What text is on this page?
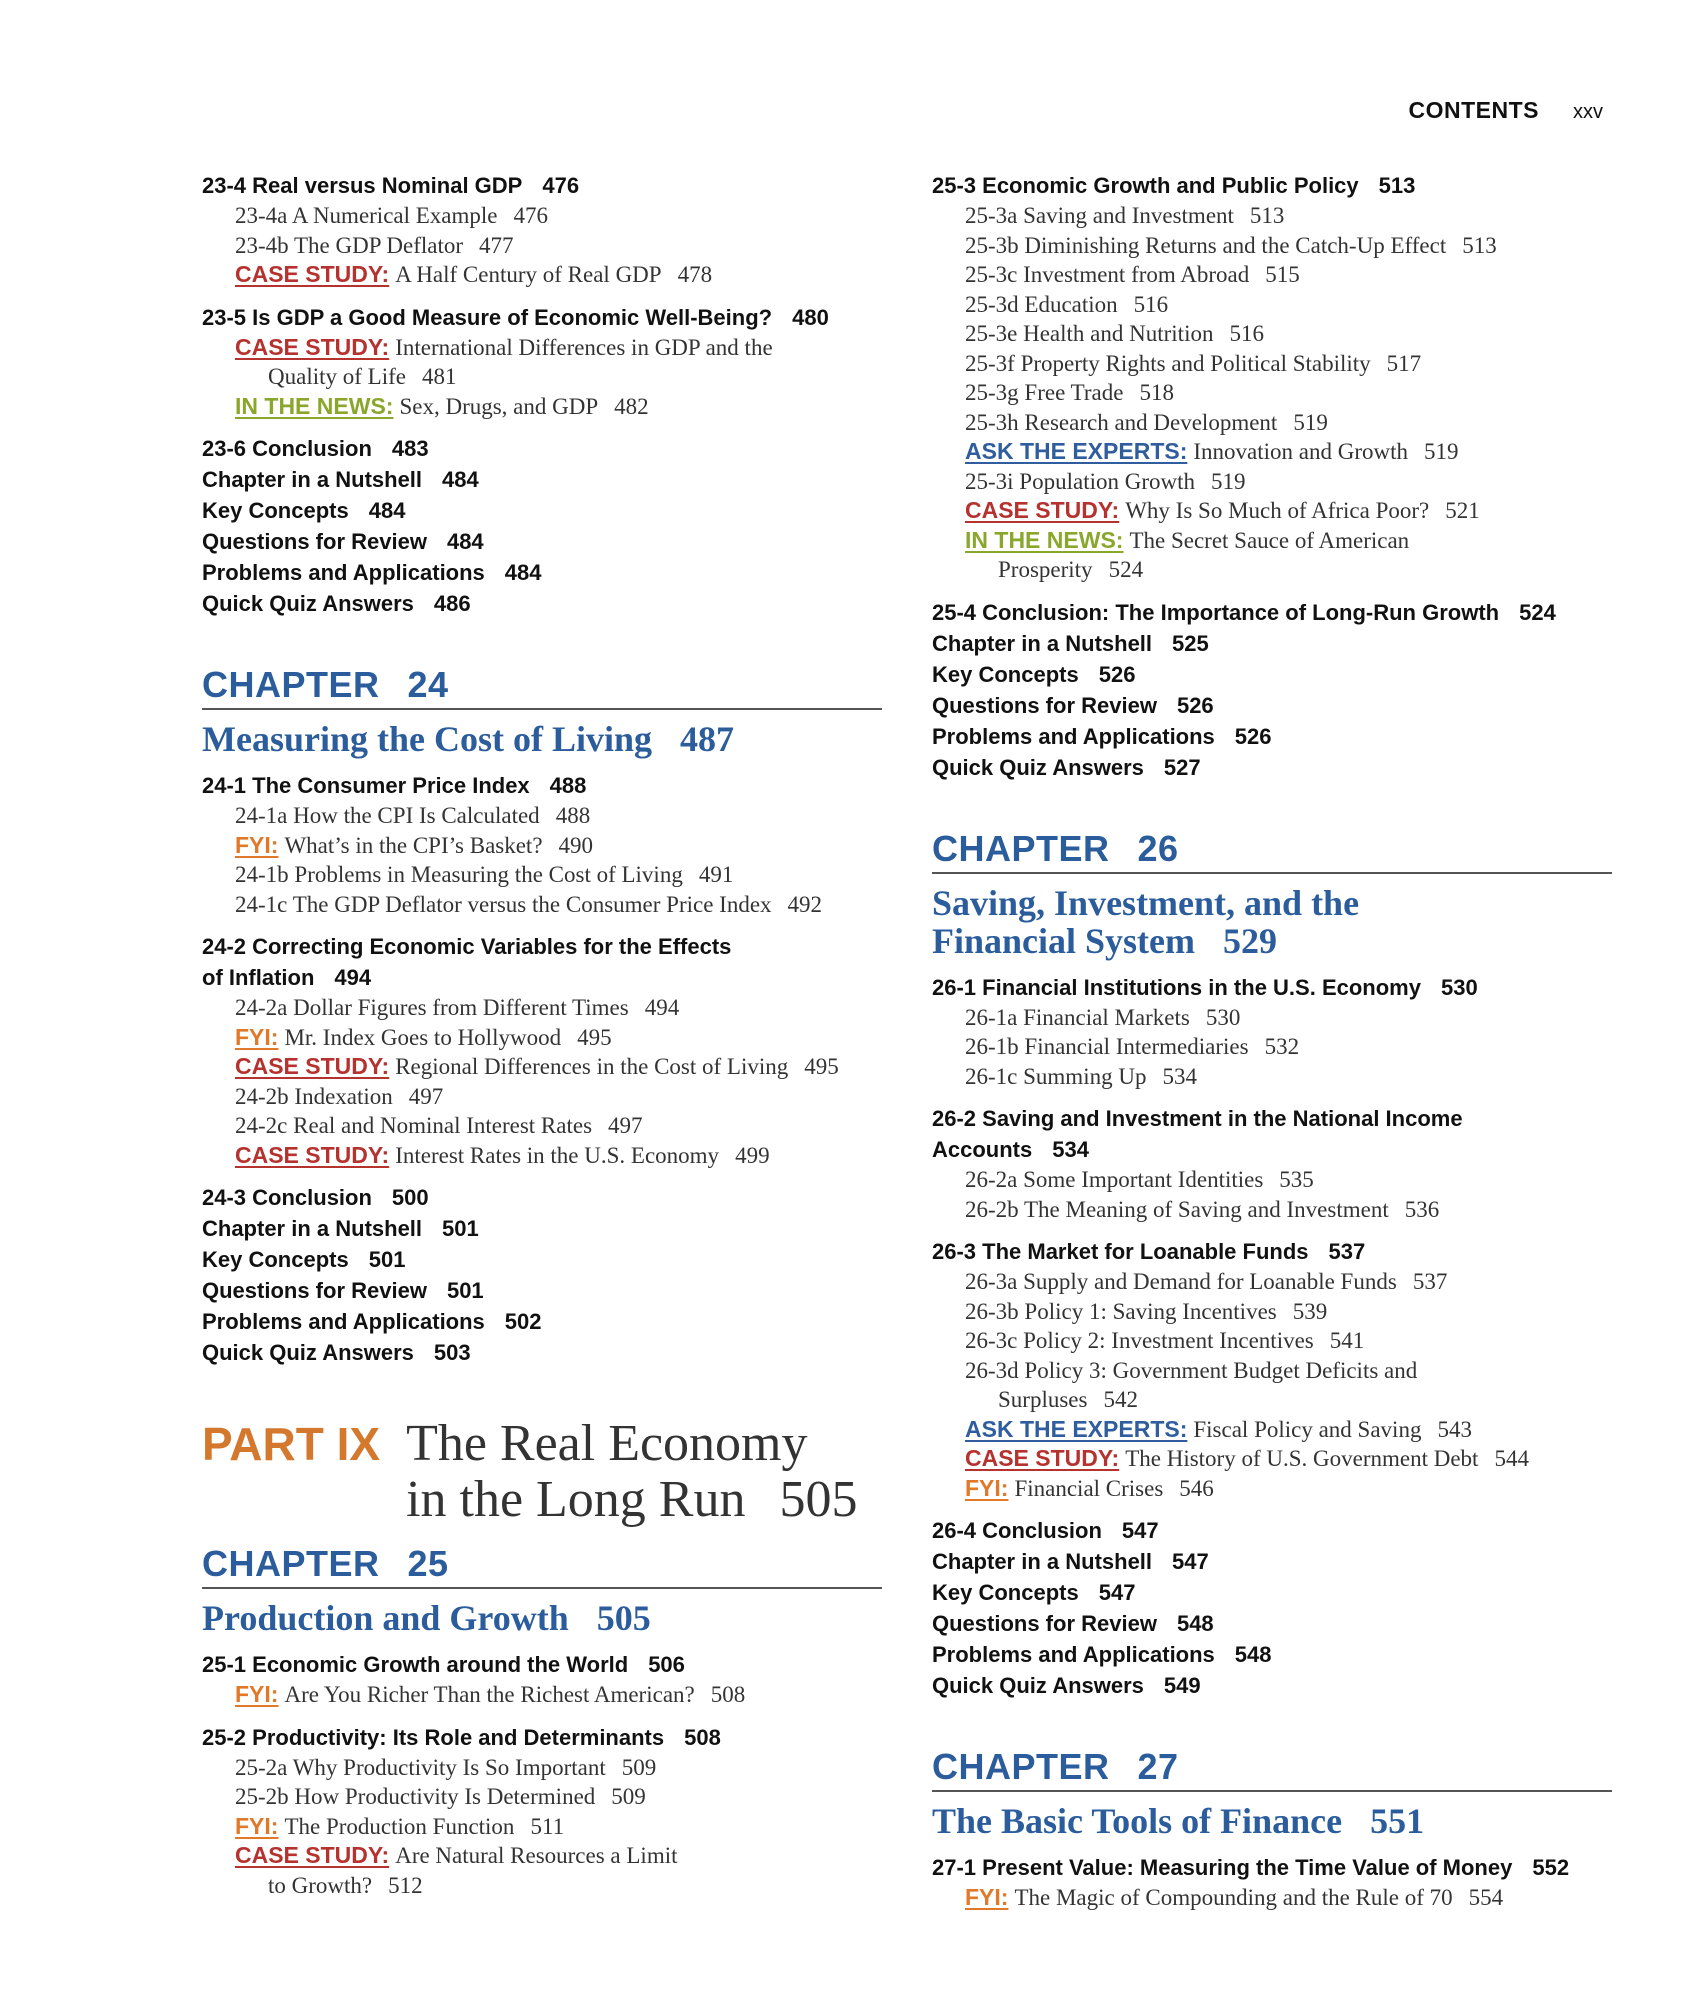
CONTENTS xxv
23-4 Real versus Nominal GDP 476
23-4a A Numerical Example 476
23-4b The GDP Deflator 477
CASE STUDY: A Half Century of Real GDP 478
23-5 Is GDP a Good Measure of Economic Well-Being? 480
CASE STUDY: International Differences in GDP and the
Quality of Life 481
IN THE NEWS: Sex, Drugs, and GDP 482
23-6 Conclusion 483
Chapter in a Nutshell 484
Key Concepts 484
Questions for Review 484
Problems and Applications 484
Quick Quiz Answers 486
CHAPTER 24
Measuring the Cost of Living 487
24-1 The Consumer Price Index 488
24-1a How the CPI Is Calculated 488
FYI: What’s in the CPI’s Basket? 490
24-1b Problems in Measuring the Cost of Living 491
24-1c The GDP Deflator versus the Consumer Price Index 492
24-2 Correcting Economic Variables for the Effects
of Inflation 494
24-2a Dollar Figures from Different Times 494
FYI: Mr. Index Goes to Hollywood 495
CASE STUDY: Regional Differences in the Cost of Living 495
24-2b Indexation 497
24-2c Real and Nominal Interest Rates 497
CASE STUDY: Interest Rates in the U.S. Economy 499
24-3 Conclusion 500
Chapter in a Nutshell 501
Key Concepts 501
Questions for Review 501
Problems and Applications 502
Quick Quiz Answers 503
PART IX The Real Economy
in the Long Run 505
CHAPTER 25
Production and Growth 505
25-1 Economic Growth around the World 506
FYI: Are You Richer Than the Richest American? 508
25-2 Productivity: Its Role and Determinants 508
25-2a Why Productivity Is So Important 509
25-2b How Productivity Is Determined 509
FYI: The Production Function 511
CASE STUDY: Are Natural Resources a Limit
to Growth? 512
25-3 Economic Growth and Public Policy 513
25-3a Saving and Investment 513
25-3b Diminishing Returns and the Catch-Up Effect 513
25-3c Investment from Abroad 515
25-3d Education 516
25-3e Health and Nutrition 516
25-3f Property Rights and Political Stability 517
25-3g Free Trade 518
25-3h Research and Development 519
ASK THE EXPERTS: Innovation and Growth 519
25-3i Population Growth 519
CASE STUDY: Why Is So Much of Africa Poor? 521
IN THE NEWS: The Secret Sauce of American
Prosperity 524
25-4 Conclusion: The Importance of Long-Run Growth 524
Chapter in a Nutshell 525
Key Concepts 526
Questions for Review 526
Problems and Applications 526
Quick Quiz Answers 527
CHAPTER 26
Saving, Investment, and the
Financial System 529
26-1 Financial Institutions in the U.S. Economy 530
26-1a Financial Markets 530
26-1b Financial Intermediaries 532
26-1c Summing Up 534
26-2 Saving and Investment in the National Income Accounts 534
26-2a Some Important Identities 535
26-2b The Meaning of Saving and Investment 536
26-3 The Market for Loanable Funds 537
26-3a Supply and Demand for Loanable Funds 537
26-3b Policy 1: Saving Incentives 539
26-3c Policy 2: Investment Incentives 541
26-3d Policy 3: Government Budget Deficits and
Surpluses 542
ASK THE EXPERTS: Fiscal Policy and Saving 543
CASE STUDY: The History of U.S. Government Debt 544
FYI: Financial Crises 546
26-4 Conclusion 547
Chapter in a Nutshell 547
Key Concepts 547
Questions for Review 548
Problems and Applications 548
Quick Quiz Answers 549
CHAPTER 27
The Basic Tools of Finance 551
27-1 Present Value: Measuring the Time Value of Money 552
FYI: The Magic of Compounding and the Rule of 70 554
